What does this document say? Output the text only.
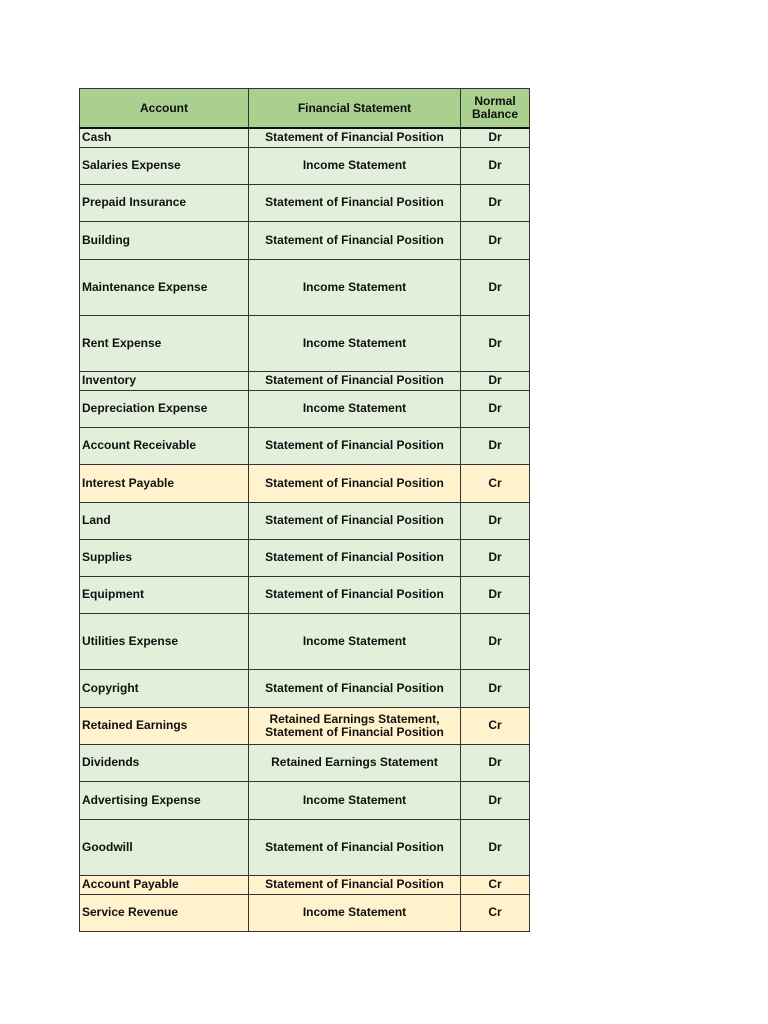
Account	Financial Statement	Normal
Balance
Cash	Statement of Financial Position	Dr
Salaries Expense	Income Statement	Dr
Prepaid Insurance	Statement of Financial Position	Dr
Building	Statement of Financial Position	Dr
Maintenance Expense	Income Statement	Dr
Rent Expense	Income Statement	Dr
Inventory	Statement of Financial Position	Dr
Depreciation Expense	Income Statement	Dr
Account Receivable	Statement of Financial Position	Dr
Interest Payable	Statement of Financial Position	Cr
Land	Statement of Financial Position	Dr
Supplies	Statement of Financial Position	Dr
Equipment	Statement of Financial Position	Dr
Utilities Expense	Income Statement	Dr
Copyright	Statement of Financial Position	Dr
Retained Earnings	Retained Earnings Statement,
Statement of Financial Position	Cr
Dividends	Retained Earnings Statement	Dr
Advertising Expense	Income Statement	Dr
Goodwill	Statement of Financial Position	Dr
Account Payable	Statement of Financial Position	Cr
Service Revenue	Income Statement	Cr
